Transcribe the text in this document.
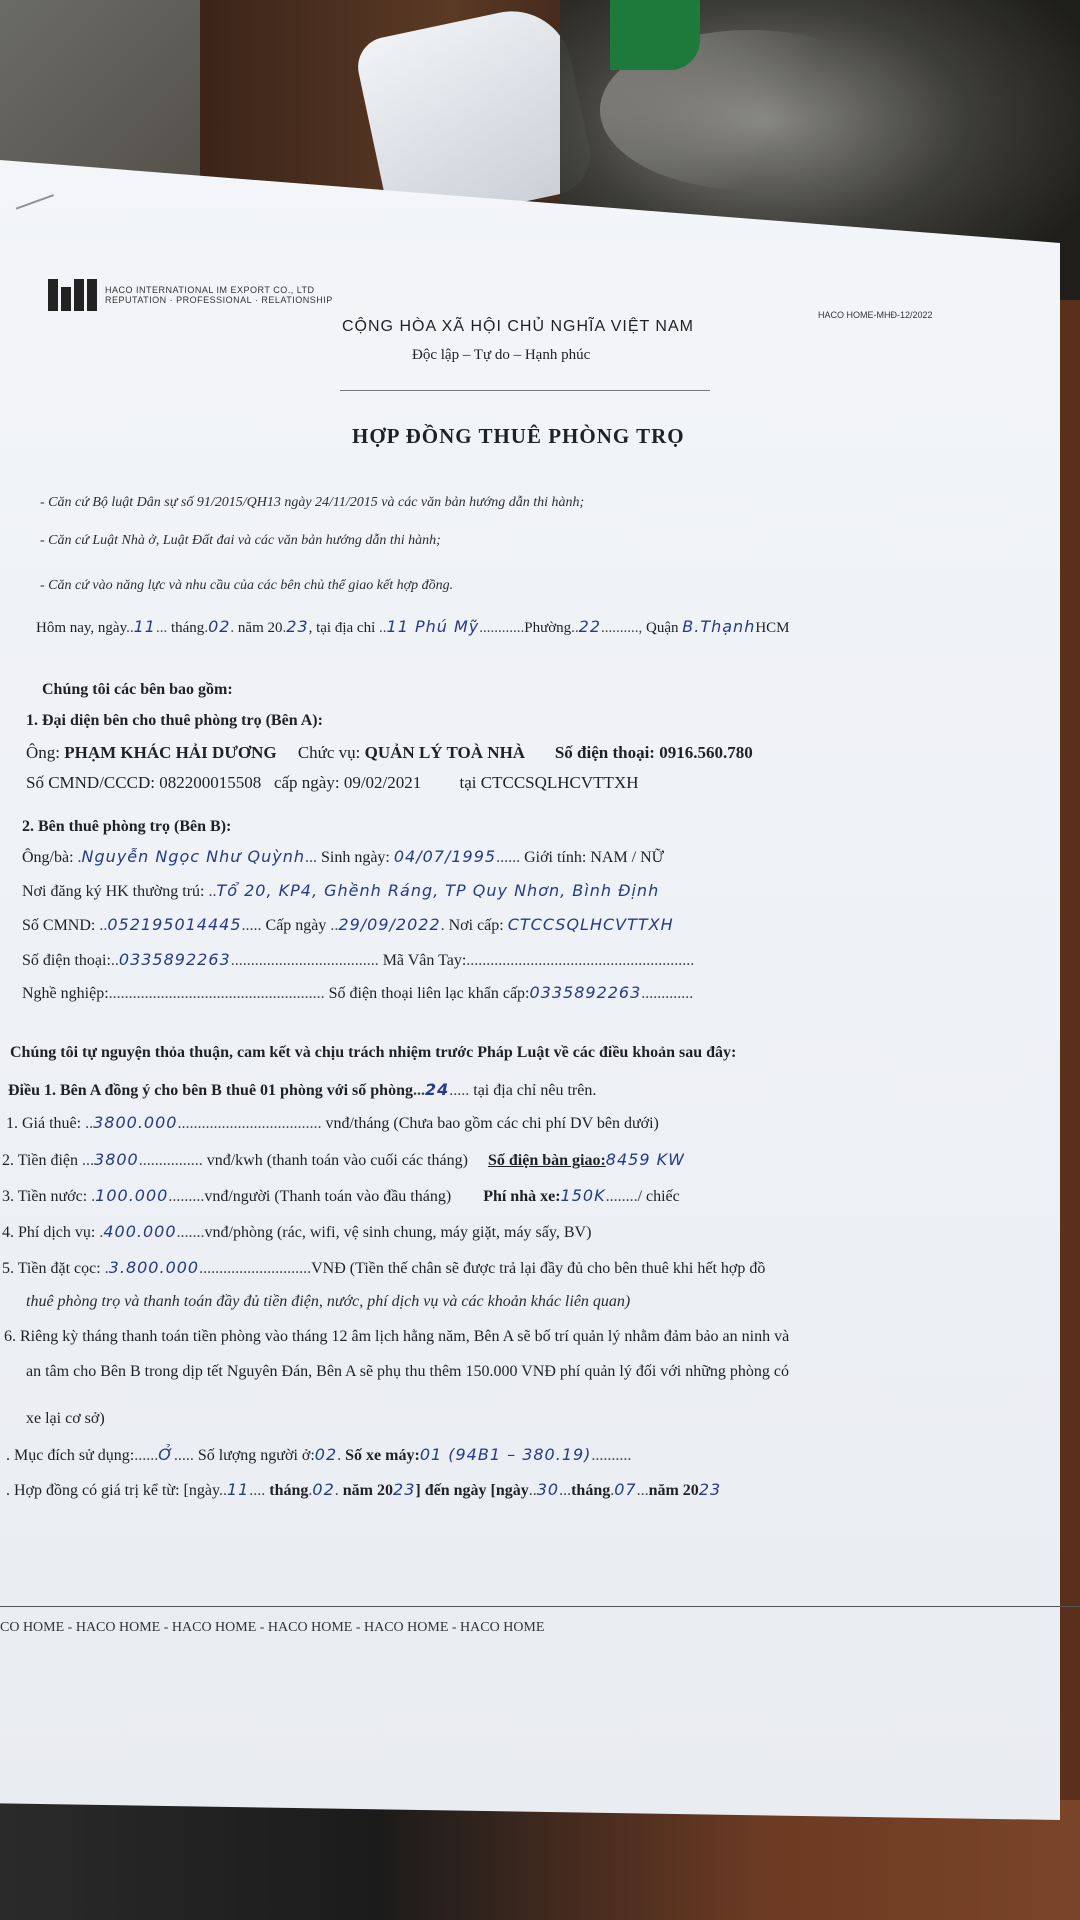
HACO INTERNATIONAL IM EXPORT CO., LTD
REPUTATION · PROFESSIONAL · RELATIONSHIP
HACO HOME-MHĐ-12/2022
CỘNG HÒA XÃ HỘI CHỦ NGHĨA VIỆT NAM
Độc lập – Tự do – Hạnh phúc
HỢP ĐỒNG THUÊ PHÒNG TRỌ
- Căn cứ Bộ luật Dân sự số 91/2015/QH13 ngày 24/11/2015 và các văn bản hướng dẫn thi hành;
- Căn cứ Luật Nhà ở, Luật Đất đai và các văn bản hướng dẫn thi hành;
- Căn cứ vào năng lực và nhu cầu của các bên chủ thể giao kết hợp đồng.
Hôm nay, ngày..11... tháng.02. năm 20.23, tại địa chỉ ..11 Phú Mỹ............Phường..22.........., Quận B.ThạnhHCM
Chúng tôi các bên bao gồm:
1. Đại diện bên cho thuê phòng trọ (Bên A):
Ông: PHẠM KHÁC HẢI DƯƠNG Chức vụ: QUẢN LÝ TOÀ NHÀ Số điện thoại: 0916.560.780
Số CMND/CCCD: 082200015508 cấp ngày: 09/02/2021 tại CTCCSQLHCVTTXH
2. Bên thuê phòng trọ (Bên B):
Ông/bà: .Nguyễn Ngọc Như Quỳnh... Sinh ngày: 04/07/1995...... Giới tính: NAM / NỮ
Nơi đăng ký HK thường trú: ..Tổ 20, KP4, Ghềnh Ráng, TP Quy Nhơn, Bình Định
Số CMND: ..052195014445..... Cấp ngày ..29/09/2022. Nơi cấp: CTCCSQLHCVTTXH
Số điện thoại:..0335892263..................................... Mã Vân Tay:.........................................................
Nghề nghiệp:...................................................... Số điện thoại liên lạc khẩn cấp:0335892263.............
Chúng tôi tự nguyện thỏa thuận, cam kết và chịu trách nhiệm trước Pháp Luật về các điều khoản sau đây:
Điều 1. Bên A đồng ý cho bên B thuê 01 phòng với số phòng...24..... tại địa chỉ nêu trên.
1. Giá thuê: ..3800.000.................................... vnđ/tháng (Chưa bao gồm các chi phí DV bên dưới)
2. Tiền điện ...3800................ vnđ/kwh (thanh toán vào cuối các tháng) Số điện bàn giao:8459 KW
3. Tiền nước: .100.000.........vnđ/người (Thanh toán vào đầu tháng) Phí nhà xe:150K......../ chiếc
4. Phí dịch vụ: .400.000.......vnđ/phòng (rác, wifi, vệ sinh chung, máy giặt, máy sấy, BV)
5. Tiền đặt cọc: .3.800.000............................VNĐ (Tiền thế chân sẽ được trả lại đầy đủ cho bên thuê khi hết hợp đồ
thuê phòng trọ và thanh toán đầy đủ tiền điện, nước, phí dịch vụ và các khoản khác liên quan)
6. Riêng kỳ tháng thanh toán tiền phòng vào tháng 12 âm lịch hằng năm, Bên A sẽ bố trí quản lý nhằm đảm bảo an ninh và
an tâm cho Bên B trong dịp tết Nguyên Đán, Bên A sẽ phụ thu thêm 150.000 VNĐ phí quản lý đối với những phòng có
xe lại cơ sở)
. Mục đích sử dụng:......Ở..... Số lượng người ở:02. Số xe máy:01 (94B1 – 380.19)..........
. Hợp đồng có giá trị kể từ: [ngày..11.... tháng.02. năm 2023] đến ngày [ngày..30...tháng.07...năm 2023
CO HOME - HACO HOME - HACO HOME - HACO HOME - HACO HOME - HACO HOME
